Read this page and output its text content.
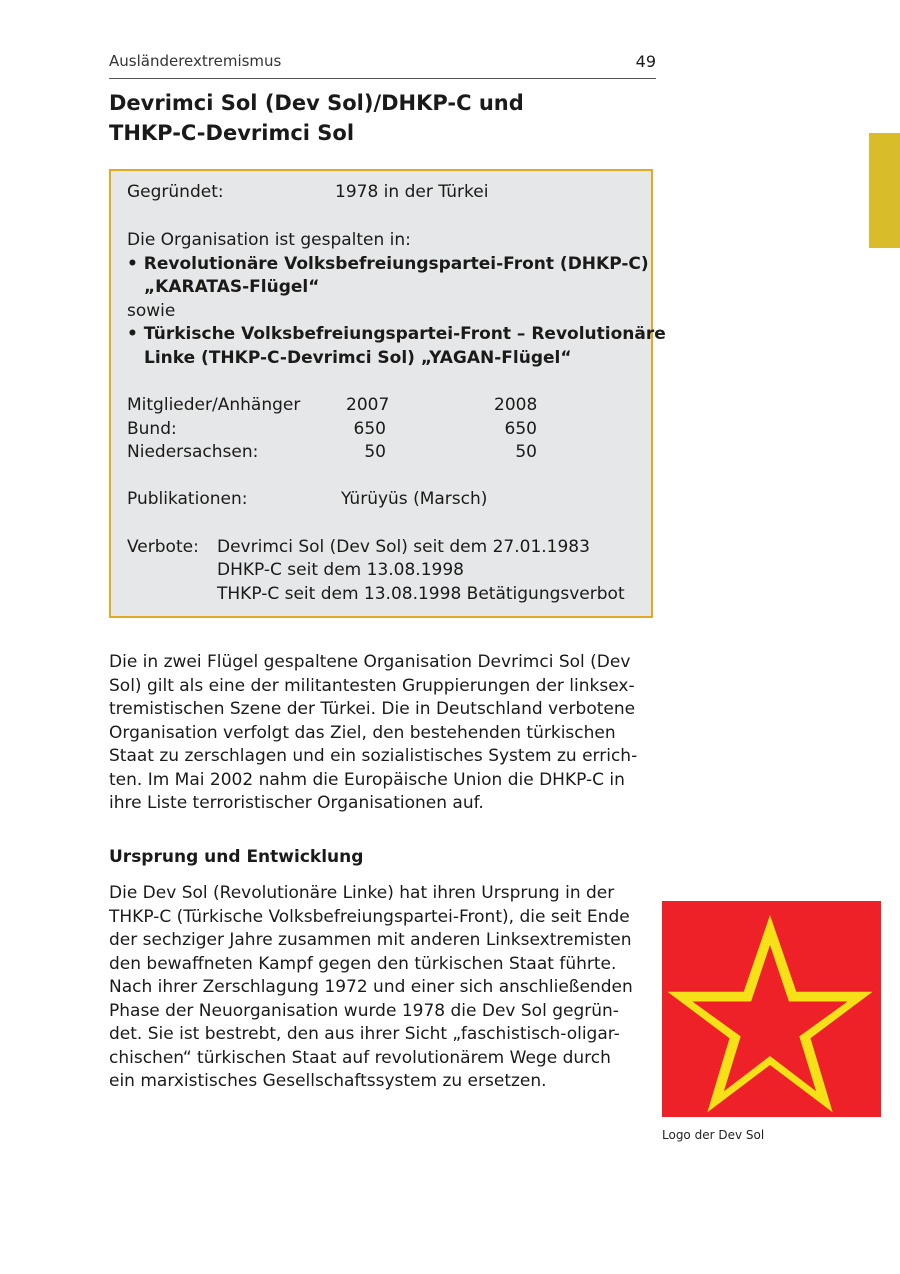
Ausländerextremismus	49
Devrimci Sol (Dev Sol)/DHKP-C und
THKP-C-Devrimci Sol
Gegründet:	1978 in der Türkei
Die Organisation ist gespalten in:
• Revolutionäre Volksbefreiungspartei-Front (DHKP-C)
„KARATAS-Flügel“
sowie
• Türkische Volksbefreiungspartei-Front – Revolutionäre
Linke (THKP-C-Devrimci Sol) „YAGAN-Flügel“
Mitglieder/Anhänger	2007	2008
Bund:	650	650
Niedersachsen:	50	50
Publikationen:	Yürüyüs (Marsch)
Verbote: Devrimci Sol (Dev Sol) seit dem 27.01.1983
DHKP-C seit dem 13.08.1998
THKP-C seit dem 13.08.1998 Betätigungsverbot
Die in zwei Flügel gespaltene Organisation Devrimci Sol (Dev
Sol) gilt als eine der militantesten Gruppierungen der linksex-
tremistischen Szene der Türkei. Die in Deutschland verbotene
Organisation verfolgt das Ziel, den bestehenden türkischen
Staat zu zerschlagen und ein sozialistisches System zu errich-
ten. Im Mai 2002 nahm die Europäische Union die DHKP-C in
ihre Liste terroristischer Organisationen auf.
Ursprung und Entwicklung
Die Dev Sol (Revolutionäre Linke) hat ihren Ursprung in der
THKP-C (Türkische Volksbefreiungspartei-Front), die seit Ende
der sechziger Jahre zusammen mit anderen Linksextremisten
den bewaffneten Kampf gegen den türkischen Staat führte.
Nach ihrer Zerschlagung 1972 und einer sich anschließenden
Phase der Neuorganisation wurde 1978 die Dev Sol gegrün-
det. Sie ist bestrebt, den aus ihrer Sicht „faschistisch-oligar-
chischen“ türkischen Staat auf revolutionärem Wege durch
ein marxistisches Gesellschaftssystem zu ersetzen.
Logo der Dev Sol
